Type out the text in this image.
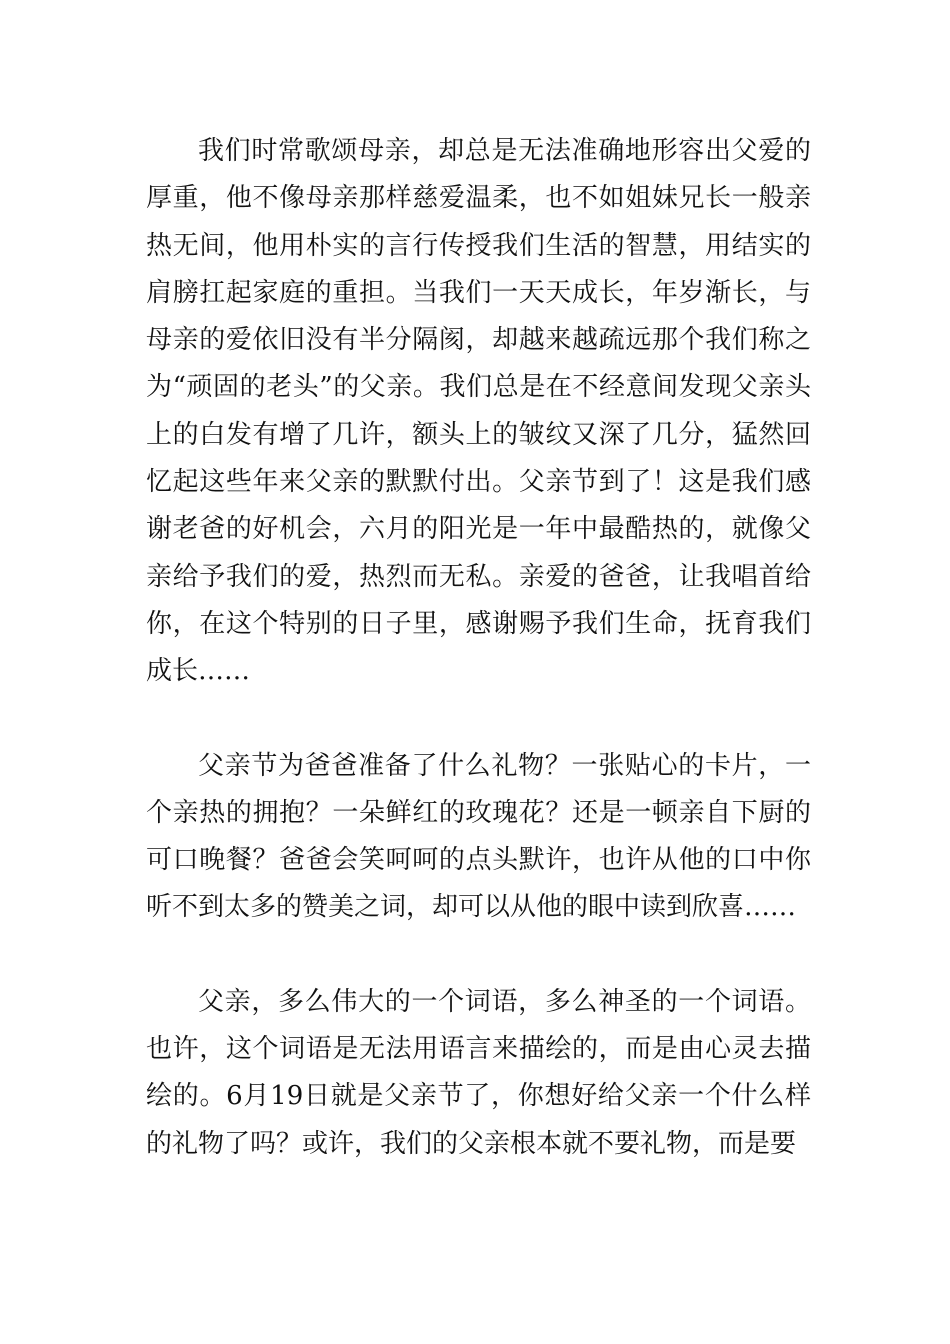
我们时常歌颂母亲，却总是无法准确地形容出父爱的厚重，他不像母亲那样慈爱温柔，也不如姐妹兄长一般亲热无间，他用朴实的言行传授我们生活的智慧，用结实的肩膀扛起家庭的重担。当我们一天天成长，年岁渐长，与母亲的爱依旧没有半分隔阂，却越来越疏远那个我们称之为“顽固的老头”的父亲。我们总是在不经意间发现父亲头上的白发有增了几许，额头上的皱纹又深了几分，猛然回忆起这些年来父亲的默默付出。父亲节到了！这是我们感谢老爸的好机会，六月的阳光是一年中最酷热的，就像父亲给予我们的爱，热烈而无私。亲爱的爸爸，让我唱首给你，在这个特别的日子里，感谢赐予我们生命，抚育我们成长……

父亲节为爸爸准备了什么礼物？一张贴心的卡片，一个亲热的拥抱？一朵鲜红的玫瑰花？还是一顿亲自下厨的可口晚餐？爸爸会笑呵呵的点头默许，也许从他的口中你听不到太多的赞美之词，却可以从他的眼中读到欣喜……

父亲，多么伟大的一个词语，多么神圣的一个词语。也许，这个词语是无法用语言来描绘的，而是由心灵去描绘的。6月19日就是父亲节了，你想好给父亲一个什么样的礼物了吗？或许，我们的父亲根本就不要礼物，而是要
